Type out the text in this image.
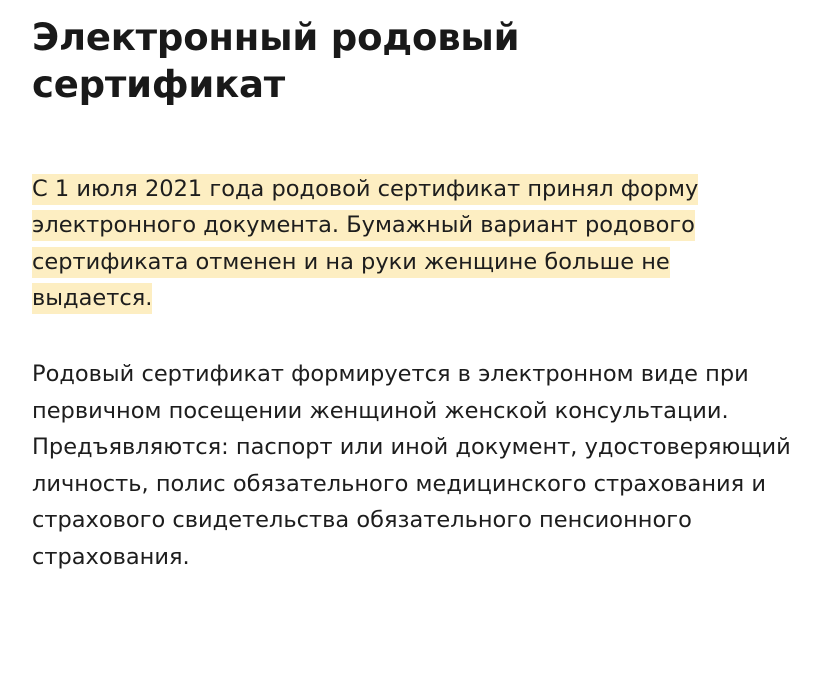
Электронный родовый сертификат

С 1 июля 2021 года родовой сертификат принял форму электронного документа. Бумажный вариант родового сертификата отменен и на руки женщине больше не выдается.

Родовый сертификат формируется в электронном виде при первичном посещении женщиной женской консультации. Предъявляются: паспорт или иной документ, удостоверяющий личность, полис обязательного медицинского страхования и страхового свидетельства обязательного пенсионного страхования.
